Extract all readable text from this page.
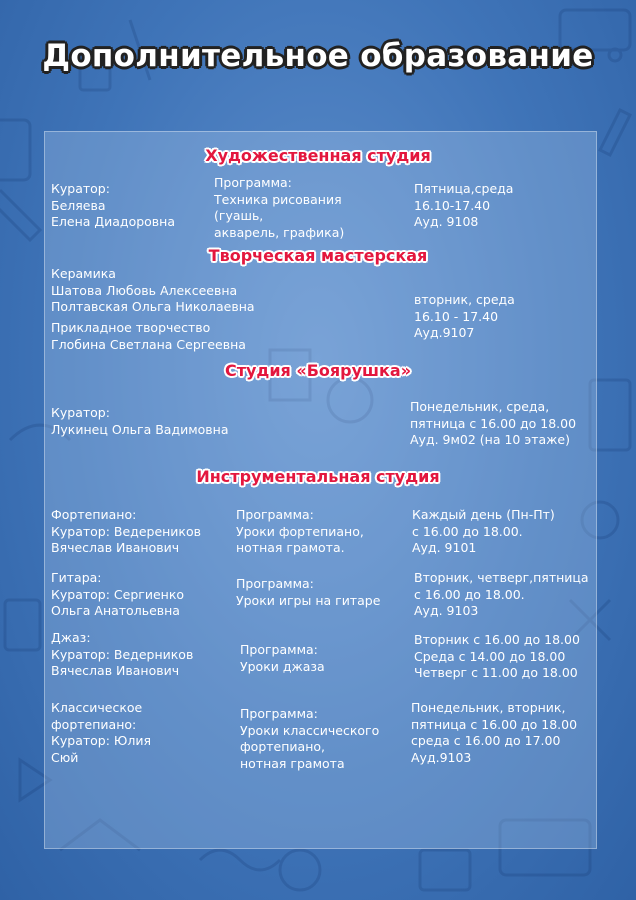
Дополнительное образование
Художественная студия
Куратор:
Беляева
Елена Диадоровна
Программа:
Техника рисования
(гуашь,
акварель, графика)
Пятница,среда
16.10-17.40
Ауд. 9108
Творческая мастерская
Керамика
Шатова Любовь Алексеевна
Полтавская Ольга Николаевна
Прикладное творчество
Глобина Светлана Сергеевна
вторник, среда
16.10 - 17.40
Ауд.9107
Студия «Боярушка»
Куратор:
Лукинец Ольга Вадимовна
Понедельник, среда,
пятница с 16.00 до 18.00
Ауд. 9м02 (на 10 этаже)
Инструментальная студия
Фортепиано:
Куратор: Ведереников
Вячеслав Иванович
Программа:
Уроки фортепиано,
нотная грамота.
Каждый день (Пн-Пт)
с 16.00 до 18.00.
Ауд. 9101
Гитара:
Куратор: Сергиенко
Ольга Анатольевна
Программа:
Уроки игры на гитаре
Вторник, четверг,пятница
с 16.00 до 18.00.
Ауд. 9103
Джаз:
Куратор: Ведерников
Вячеслав Иванович
Программа:
Уроки джаза
Вторник с 16.00 до 18.00
Среда с 14.00 до 18.00
Четверг с 11.00 до 18.00
Классическое
фортепиано:
Куратор: Юлия
Сюй
Программа:
Уроки классического
фортепиано,
нотная грамота
Понедельник, вторник,
пятница с 16.00 до 18.00
среда с 16.00 до 17.00
Ауд.9103
